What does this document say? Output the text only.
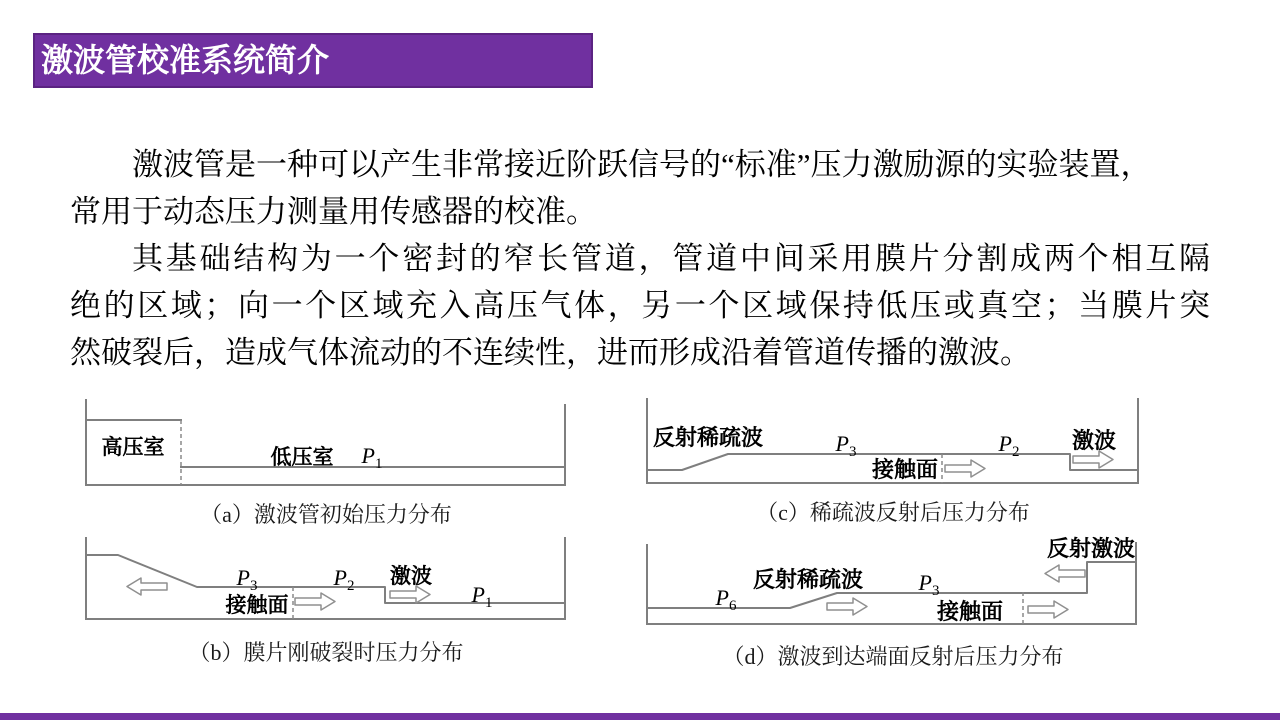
激波管校准系统简介
激波管是一种可以产生非常接近阶跃信号的“标准”压力激励源的实验装置，
常用于动态压力测量用传感器的校准。
其基础结构为一个密封的窄长管道，管道中间采用膜片分割成两个相互隔
绝的区域；向一个区域充入高压气体，另一个区域保持低压或真空；当膜片突
然破裂后，造成气体流动的不连续性，进而形成沿着管道传播的激波。
高压室	低压室 $P_1$
（a）激波管初始压力分布
$P_3$	$P_2$ 激波
接触面	$P_1$
（b）膜片刚破裂时压力分布
反射稀疏波	$P_3$
接触面
$P_2$ 激波
（c）稀疏波反射后压力分布
$P_6$
反射稀疏波	$P_3$
接触面
反射激波
（d）激波到达端面反射后压力分布
